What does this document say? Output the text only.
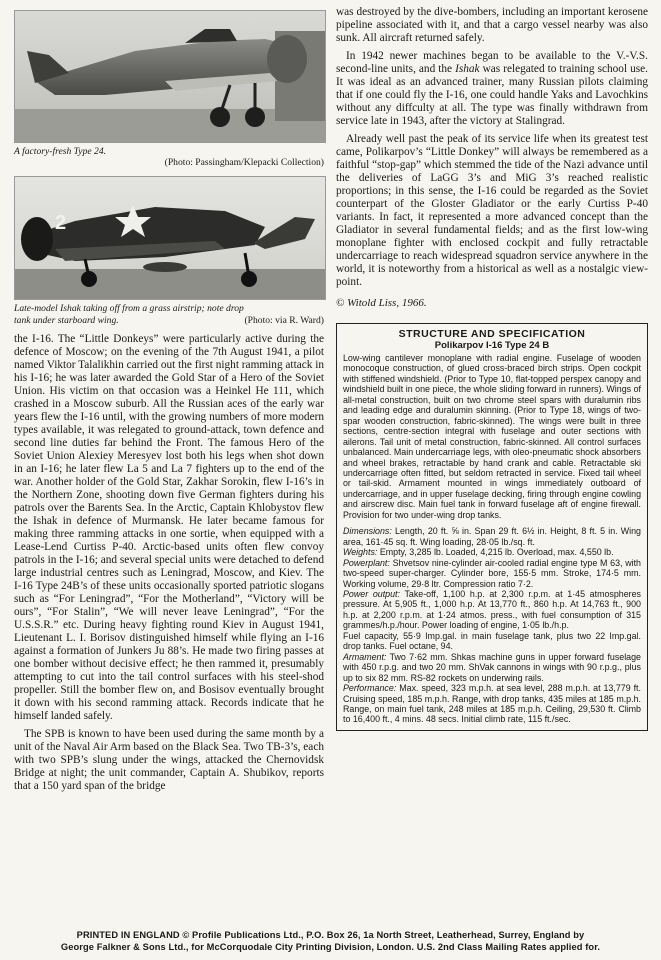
A factory-fresh Type 24.
(Photo: Passingham/Klepacki Collection)
2
Late-model Ishak taking off from a grass airstrip; note drop
tank under starboard wing.	(Photo: via R. Ward)

the I-16. The “Little Donkeys” were particularly active during the defence of Moscow; on the evening of the 7th August 1941, a pilot named Viktor Talalikhin carried out the first night ramming attack in his I-16; he was later awarded the Gold Star of a Hero of the Soviet Union. His victim on that occasion was a Heinkel He 111, which crashed in a Moscow suburb. All the Russian aces of the early war years flew the I-16 until, with the growing numbers of more modern types available, it was relegated to ground-attack, town defence and second line duties far behind the Front. The famous Hero of the Soviet Union Alexiey Meresyev lost both his legs when shot down in an I-16; he later flew La 5 and La 7 fighters up to the end of the war. Another holder of the Gold Star, Zakhar Sorokin, flew I-16’s in the Northern Zone, shooting down five German fighters during his patrols over the Barents Sea. In the Arctic, Captain Khlobystov flew the Ishak in defence of Murmansk. He later became famous for making three ramming attacks in one sortie, when equipped with a Lease-Lend Curtiss P-40. Arctic-based units often flew convoy patrols in the I-16; and several special units were detached to defend large industrial centres such as Leningrad, Moscow, and Kiev. The I-16 Type 24B’s of these units occasionally sported patriotic slogans such as “For Leningrad”, “For the Motherland”, “Victory will be ours”, “For Stalin”, “We will never leave Leningrad”, “For the U.S.S.R.” etc. During heavy fighting round Kiev in August 1941, Lieutenant L. I. Borisov distinguished himself while flying an I-16 against a formation of Junkers Ju 88’s. He made two firing passes at one bomber without decisive effect; he then rammed it, presumably attempting to cut into the tail control surfaces with his steel-shod propeller. Still the bomber flew on, and Bosisov eventually brought it down with his second ramming attack. Records indicate that he himself landed safely.

The SPB is known to have been used during the same month by a unit of the Naval Air Arm based on the Black Sea. Two TB-3’s, each with two SPB’s slung under the wings, attacked the Chernovidsk Bridge at night; the unit commander, Captain A. Shubikov, reports that a 150 yard span of the bridge

was destroyed by the dive-bombers, including an important kerosene pipeline associated with it, and that a cargo vessel nearby was also sunk. All aircraft returned safely.

In 1942 newer machines began to be available to the V.-V.S. second-line units, and the Ishak was relegated to training school use. It was ideal as an advanced trainer, many Russian pilots claiming that if one could fly the I-16, one could handle Yaks and Lavochkins without any diffculty at all. The type was finally withdrawn from service late in 1943, after the victory at Stalingrad.

Already well past the peak of its service life when its greatest test came, Polikarpov’s “Little Donkey” will always be remembered as a faithful “stop-gap” which stemmed the tide of the Nazi advance until the deliveries of LaGG 3’s and MiG 3’s reached realistic proportions; in this sense, the I-16 could be regarded as the Soviet counterpart of the Gloster Gladiator or the early Curtiss P-40 variants. In fact, it represented a more advanced concept than the Gladiator in several fundamental fields; and as the first low-wing monoplane fighter with enclosed cockpit and fully retractable undercarriage to reach widespread squadron service anywhere in the world, it is noteworthy from a historical as well as a nostalgic view-point.

© Witold Liss, 1966.
STRUCTURE AND SPECIFICATION
Polikarpov I-16 Type 24 B

Low-wing cantilever monoplane with radial engine. Fuselage of wooden monocoque construction, of glued cross-braced birch strips. Open cockpit with stiffened windshield. (Prior to Type 10, flat-topped perspex canopy and windshield built in one piece, the whole sliding forward in runners). Wings of all-metal construction, built on two chrome steel spars with duralumin ribs and leading edge and duralumin skinning. (Prior to Type 18, wings of two-spar wooden construction, fabric-skinned). The wings were built in three sections, centre-section integral with fuselage and outer sections with ailerons. Tail unit of metal construction, fabric-skinned. All control surfaces unbalanced. Main undercarriage legs, with oleo-pneumatic shock absorbers and wheel brakes, retractable by hand crank and cable. Retractable ski undercarriage often fitted, but seldom retracted in service. Fixed tail wheel or tail-skid. Armament mounted in wings immediately outboard of undercarriage, and in upper fuselage decking, firing through engine cowling and airscrew disc. Main fuel tank in forward fuselage aft of engine firewall. Provision for two under-wing drop tanks.

Dimensions: Length, 20 ft. ⅝ in. Span 29 ft. 6½ in. Height, 8 ft. 5 in. Wing area, 161·45 sq. ft. Wing loading, 28·05 lb./sq. ft.

Weights: Empty, 3,285 lb. Loaded, 4,215 lb. Overload, max. 4,550 lb.

Powerplant: Shvetsov nine-cylinder air-cooled radial engine type M 63, with two-speed super-charger. Cylinder bore, 155·5 mm. Stroke, 174·5 mm. Working volume, 29·8 ltr. Compression ratio 7·2.

Power output: Take-off, 1,100 h.p. at 2,300 r.p.m. at 1·45 atmospheres pressure. At 5,905 ft., 1,000 h.p. At 13,770 ft., 860 h.p. At 14,763 ft., 900 h.p. at 2,200 r.p.m. at 1·24 atmos. press., with fuel consumption of 315 grammes/h.p./hour. Power loading of engine, 1·05 lb./h.p.

Fuel capacity, 55·9 Imp.gal. in main fuselage tank, plus two 22 Imp.gal. drop tanks. Fuel octane, 94.

Armament: Two 7·62 mm. Shkas machine guns in upper forward fuselage with 450 r.p.g. and two 20 mm. ShVak cannons in wings with 90 r.p.g., plus up to six 82 mm. RS-82 rockets on underwing rails.

Performance: Max. speed, 323 m.p.h. at sea level, 288 m.p.h. at 13,779 ft. Cruising speed, 185 m.p.h. Range, with drop tanks, 435 miles at 185 m.p.h. Range, on main fuel tank, 248 miles at 185 m.p.h. Ceiling, 29,530 ft. Climb to 16,400 ft., 4 mins. 48 secs. Initial climb rate, 115 ft./sec.

PRINTED IN ENGLAND © Profile Publications Ltd., P.O. Box 26, 1a North Street, Leatherhead, Surrey, England by
George Falkner & Sons Ltd., for McCorquodale City Printing Division, London. U.S. 2nd Class Mailing Rates applied for.
